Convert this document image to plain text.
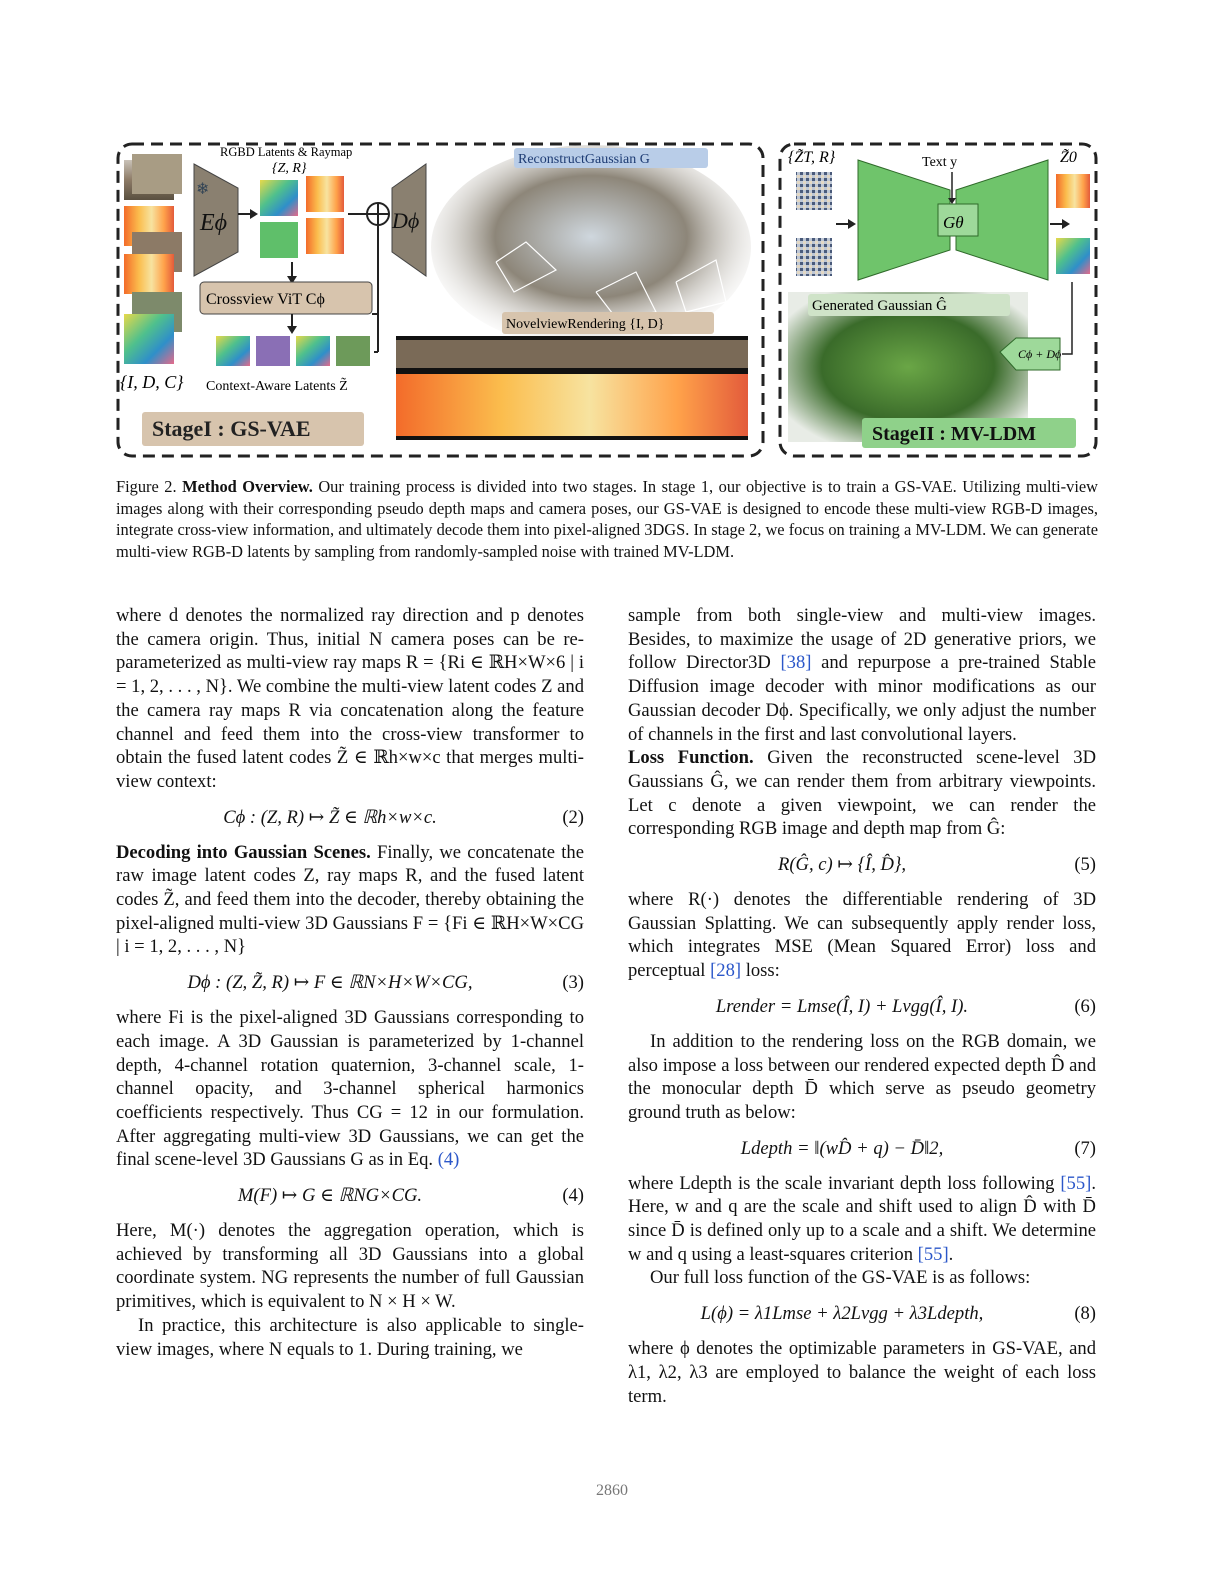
Eϕ
❄
RGBD Latents & Raymap
{Z, R}
Crossview ViT Cϕ
Dϕ
{I, D, C} Context-Aware Latents Z̃
StageI : GS-VAE
ReconstructGaussian G
NovelviewRendering {I, D}
{Z̃T, R}
Gθ
Text y	Z̃0
Generated Gaussian Ĝ
Cϕ + Dϕ
StageII : MV-LDM
Figure 2. Method Overview. Our training process is divided into two stages. In stage 1, our objective is to train a GS-VAE. Utilizing multi-view images along with their corresponding pseudo depth maps and camera poses, our GS-VAE is designed to encode these multi-view RGB-D images, integrate cross-view information, and ultimately decode them into pixel-aligned 3DGS. In stage 2, we focus on training a MV-LDM. We can generate multi-view RGB-D latents by sampling from randomly-sampled noise with trained MV-LDM.

where d denotes the normalized ray direction and p denotes the camera origin. Thus, initial N camera poses can be re-parameterized as multi-view ray maps R = {Ri ∈ ℝH×W×6 | i = 1, 2, . . . , N}. We combine the multi-view latent codes Z and the camera ray maps R via concatenation along the feature channel and feed them into the cross-view transformer to obtain the fused latent codes Z̃ ∈ ℝh×w×c that merges multi-view context:

Cϕ : (Z, R) ↦ Z̃ ∈ ℝh×w×c.	(2)

Decoding into Gaussian Scenes. Finally, we concatenate the raw image latent codes Z, ray maps R, and the fused latent codes Z̃, and feed them into the decoder, thereby obtaining the pixel-aligned multi-view 3D Gaussians F = {Fi ∈ ℝH×W×CG | i = 1, 2, . . . , N}

Dϕ : (Z, Z̃, R) ↦ F ∈ ℝN×H×W×CG,	(3)

where Fi is the pixel-aligned 3D Gaussians corresponding to each image. A 3D Gaussian is parameterized by 1-channel depth, 4-channel rotation quaternion, 3-channel scale, 1-channel opacity, and 3-channel spherical harmonics coefficients respectively. Thus CG = 12 in our formulation. After aggregating multi-view 3D Gaussians, we can get the final scene-level 3D Gaussians G as in Eq. (4)

M(F) ↦ G ∈ ℝNG×CG.	(4)

Here, M(·) denotes the aggregation operation, which is achieved by transforming all 3D Gaussians into a global coordinate system. NG represents the number of full Gaussian primitives, which is equivalent to N × H × W.

In practice, this architecture is also applicable to single-view images, where N equals to 1. During training, we

sample from both single-view and multi-view images. Besides, to maximize the usage of 2D generative priors, we follow Director3D [38] and repurpose a pre-trained Stable Diffusion image decoder with minor modifications as our Gaussian decoder Dϕ. Specifically, we only adjust the number of channels in the first and last convolutional layers.

Loss Function. Given the reconstructed scene-level 3D Gaussians Ĝ, we can render them from arbitrary viewpoints. Let c denote a given viewpoint, we can render the corresponding RGB image and depth map from Ĝ:

R(Ĝ, c) ↦ {Î, D̂},	(5)

where R(·) denotes the differentiable rendering of 3D Gaussian Splatting. We can subsequently apply render loss, which integrates MSE (Mean Squared Error) loss and perceptual [28] loss:

Lrender = Lmse(Î, I) + Lvgg(Î, I).	(6)

In addition to the rendering loss on the RGB domain, we also impose a loss between our rendered expected depth D̂ and the monocular depth D̄ which serve as pseudo geometry ground truth as below:

Ldepth = ‖(wD̂ + q) − D̄‖2,	(7)

where Ldepth is the scale invariant depth loss following [55]. Here, w and q are the scale and shift used to align D̂ with D̄ since D̄ is defined only up to a scale and a shift. We determine w and q using a least-squares criterion [55].

Our full loss function of the GS-VAE is as follows:

L(ϕ) = λ1Lmse + λ2Lvgg + λ3Ldepth,	(8)

where ϕ denotes the optimizable parameters in GS-VAE, and λ1, λ2, λ3 are employed to balance the weight of each loss term.

2860
